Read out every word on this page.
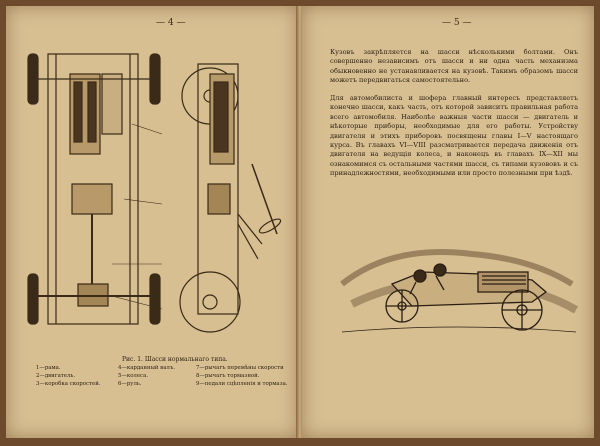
— 4 —
Рис. 1. Шасси нормальнаго типа.
1—рама.
2—двигатель.
3—коробка скоростей.
4—карданный валъ.
5—колеса.
6—руль.
7—рычагъ перемѣны скорости
8—рычагъ тормазной.
9—педали сцѣпленія и тормаза.
— 5 —
Кузовъ закрѣпляется на шасси нѣсколькими болтами. Онъ совершенно независимъ отъ шасси и ни одна часть механизма обыкновенно не устанавливается на кузовѣ. Такимъ образомъ шасси можетъ передвигаться самостоятельно.
Для автомобилиста и шофера главный интересъ представляетъ конечно шасси, какъ часть, отъ которой зависитъ правильная работа всего автомобиля. Наиболѣе важныя части шасси — двигатель и нѣкоторые приборы, необходимые для его работы. Устройству двигателя и этихъ приборовъ посвящены главы I—V настоящаго курса. Въ главахъ VI—VIII разсматривается передача движенія отъ двигателя на ведущія колеса, и наконецъ въ главахъ IX—XII мы ознакомимся съ остальными частями шасси, съ типами кузововъ и съ принадлежностями, необходимыми или просто полезными при ѣздѣ.
